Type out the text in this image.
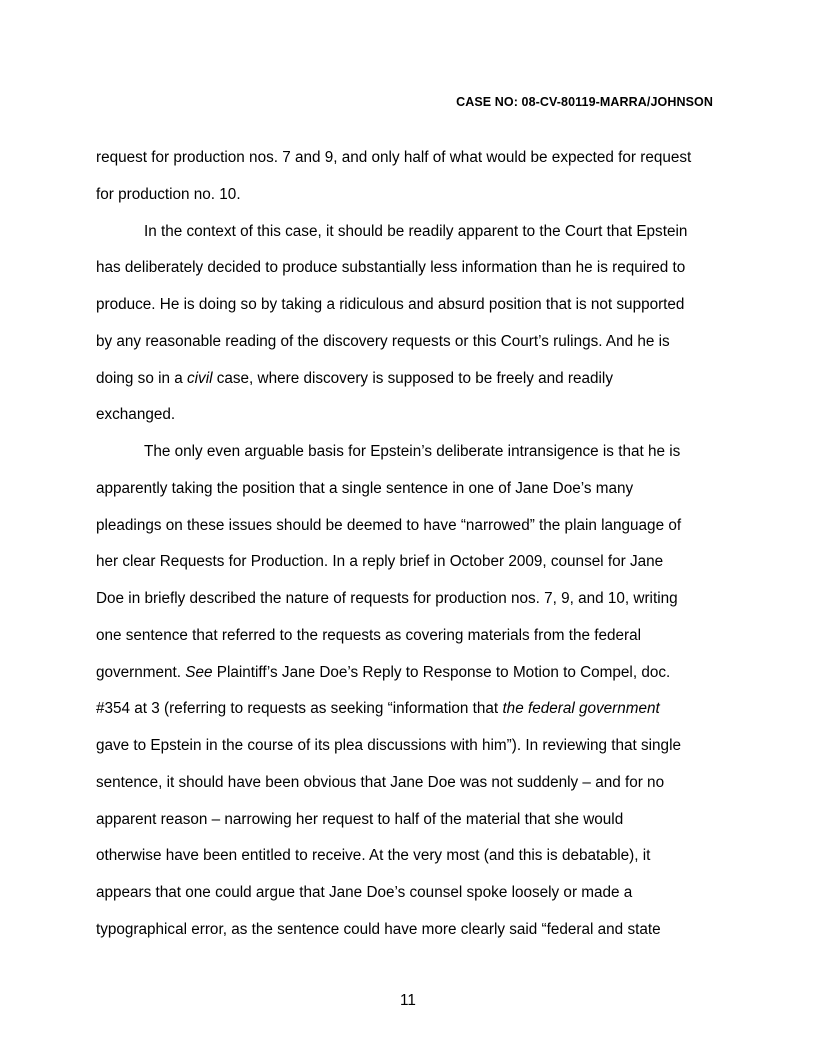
CASE NO: 08-CV-80119-MARRA/JOHNSON
request for production nos. 7 and 9, and only half of what would be expected for request
for production no. 10.
In the context of this case, it should be readily apparent to the Court that Epstein
has deliberately decided to produce substantially less information than he is required to
produce. He is doing so by taking a ridiculous and absurd position that is not supported
by any reasonable reading of the discovery requests or this Court’s rulings. And he is
doing so in a civil case, where discovery is supposed to be freely and readily
exchanged.
The only even arguable basis for Epstein’s deliberate intransigence is that he is
apparently taking the position that a single sentence in one of Jane Doe’s many
pleadings on these issues should be deemed to have “narrowed” the plain language of
her clear Requests for Production. In a reply brief in October 2009, counsel for Jane
Doe in briefly described the nature of requests for production nos. 7, 9, and 10, writing
one sentence that referred to the requests as covering materials from the federal
government. See Plaintiff’s Jane Doe’s Reply to Response to Motion to Compel, doc.
#354 at 3 (referring to requests as seeking “information that the federal government
gave to Epstein in the course of its plea discussions with him”). In reviewing that single
sentence, it should have been obvious that Jane Doe was not suddenly – and for no
apparent reason – narrowing her request to half of the material that she would
otherwise have been entitled to receive. At the very most (and this is debatable), it
appears that one could argue that Jane Doe’s counsel spoke loosely or made a
typographical error, as the sentence could have more clearly said “federal and state
11
